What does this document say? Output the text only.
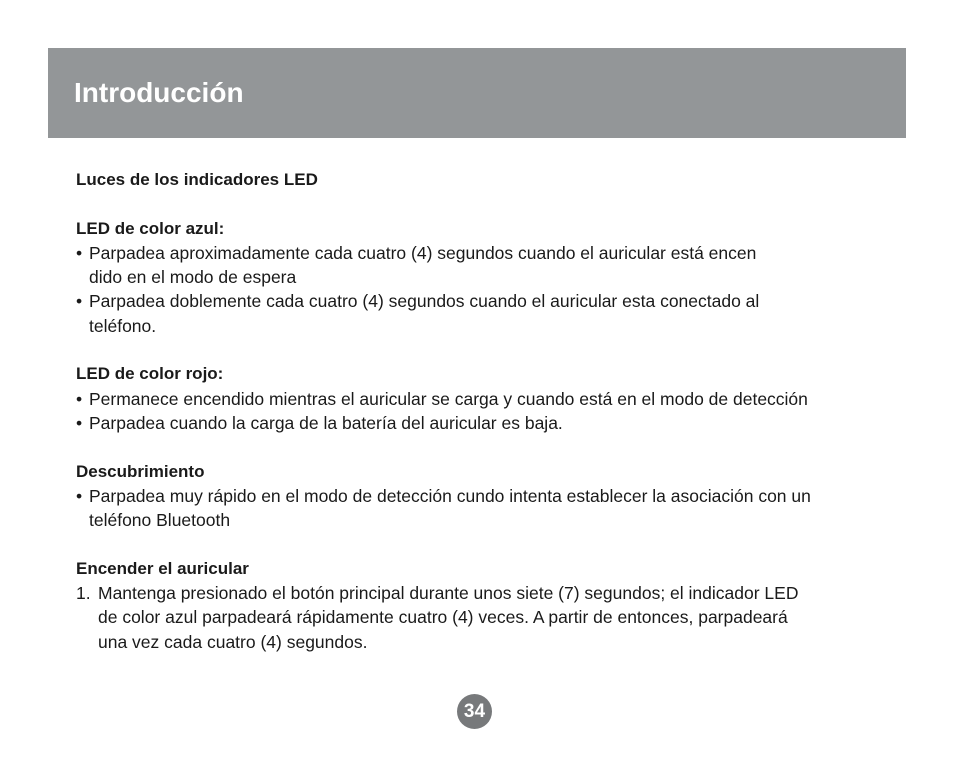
Introducción

Luces de los indicadores LED

LED de color azul:

• Parpadea aproximadamente cada cuatro (4) segundos cuando el auricular está encen
dido en el modo de espera

• Parpadea doblemente cada cuatro (4) segundos cuando el auricular esta conectado al
teléfono.

LED de color rojo:

• Permanece encendido mientras el auricular se carga y cuando está en el modo de detección

• Parpadea cuando la carga de la batería del auricular es baja.

Descubrimiento

• Parpadea muy rápido en el modo de detección cundo intenta establecer la asociación con un
teléfono Bluetooth

Encender el auricular

1. Mantenga presionado el botón principal durante unos siete (7) segundos; el indicador LED
de color azul parpadeará rápidamente cuatro (4) veces. A partir de entonces, parpadeará
una vez cada cuatro (4) segundos.

34
